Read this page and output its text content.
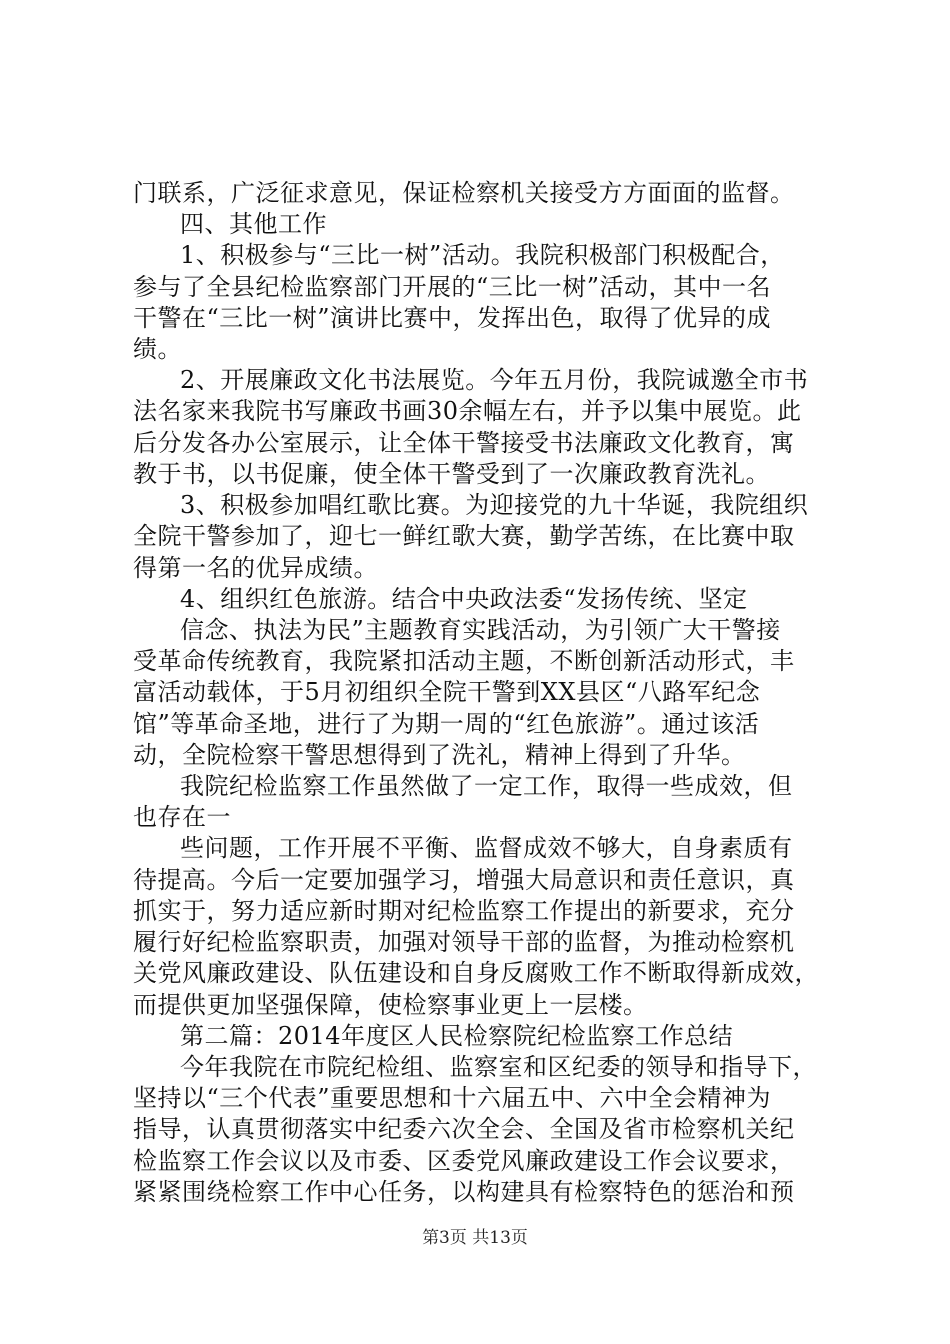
门联系，广泛征求意见，保证检察机关接受方方面面的监督。
四、其他工作
1、积极参与“三比一树”活动。我院积极部门积极配合，
参与了全县纪检监察部门开展的“三比一树”活动，其中一名
干警在“三比一树”演讲比赛中，发挥出色，取得了优异的成
绩。
2、开展廉政文化书法展览。今年五月份，我院诚邀全市书
法名家来我院书写廉政书画30余幅左右，并予以集中展览。此
后分发各办公室展示，让全体干警接受书法廉政文化教育，寓
教于书，以书促廉，使全体干警受到了一次廉政教育洗礼。
3、积极参加唱红歌比赛。为迎接党的九十华诞，我院组织
全院干警参加了，迎七一鲜红歌大赛，勤学苦练，在比赛中取
得第一名的优异成绩。
4、组织红色旅游。结合中央政法委“发扬传统、坚定
信念、执法为民”主题教育实践活动，为引领广大干警接
受革命传统教育，我院紧扣活动主题，不断创新活动形式，丰
富活动载体，于5月初组织全院干警到XX县区“八路军纪念
馆”等革命圣地，进行了为期一周的“红色旅游”。通过该活
动，全院检察干警思想得到了洗礼，精神上得到了升华。
我院纪检监察工作虽然做了一定工作，取得一些成效，但
也存在一
些问题，工作开展不平衡、监督成效不够大，自身素质有
待提高。今后一定要加强学习，增强大局意识和责任意识，真
抓实于，努力适应新时期对纪检监察工作提出的新要求，充分
履行好纪检监察职责，加强对领导干部的监督，为推动检察机
关党风廉政建设、队伍建设和自身反腐败工作不断取得新成效，
而提供更加坚强保障，使检察事业更上一层楼。
第二篇：2014年度区人民检察院纪检监察工作总结
今年我院在市院纪检组、监察室和区纪委的领导和指导下，
坚持以“三个代表”重要思想和十六届五中、六中全会精神为
指导，认真贯彻落实中纪委六次全会、全国及省市检察机关纪
检监察工作会议以及市委、区委党风廉政建设工作会议要求，
紧紧围绕检察工作中心任务，以构建具有检察特色的惩治和预
第3页 共13页
